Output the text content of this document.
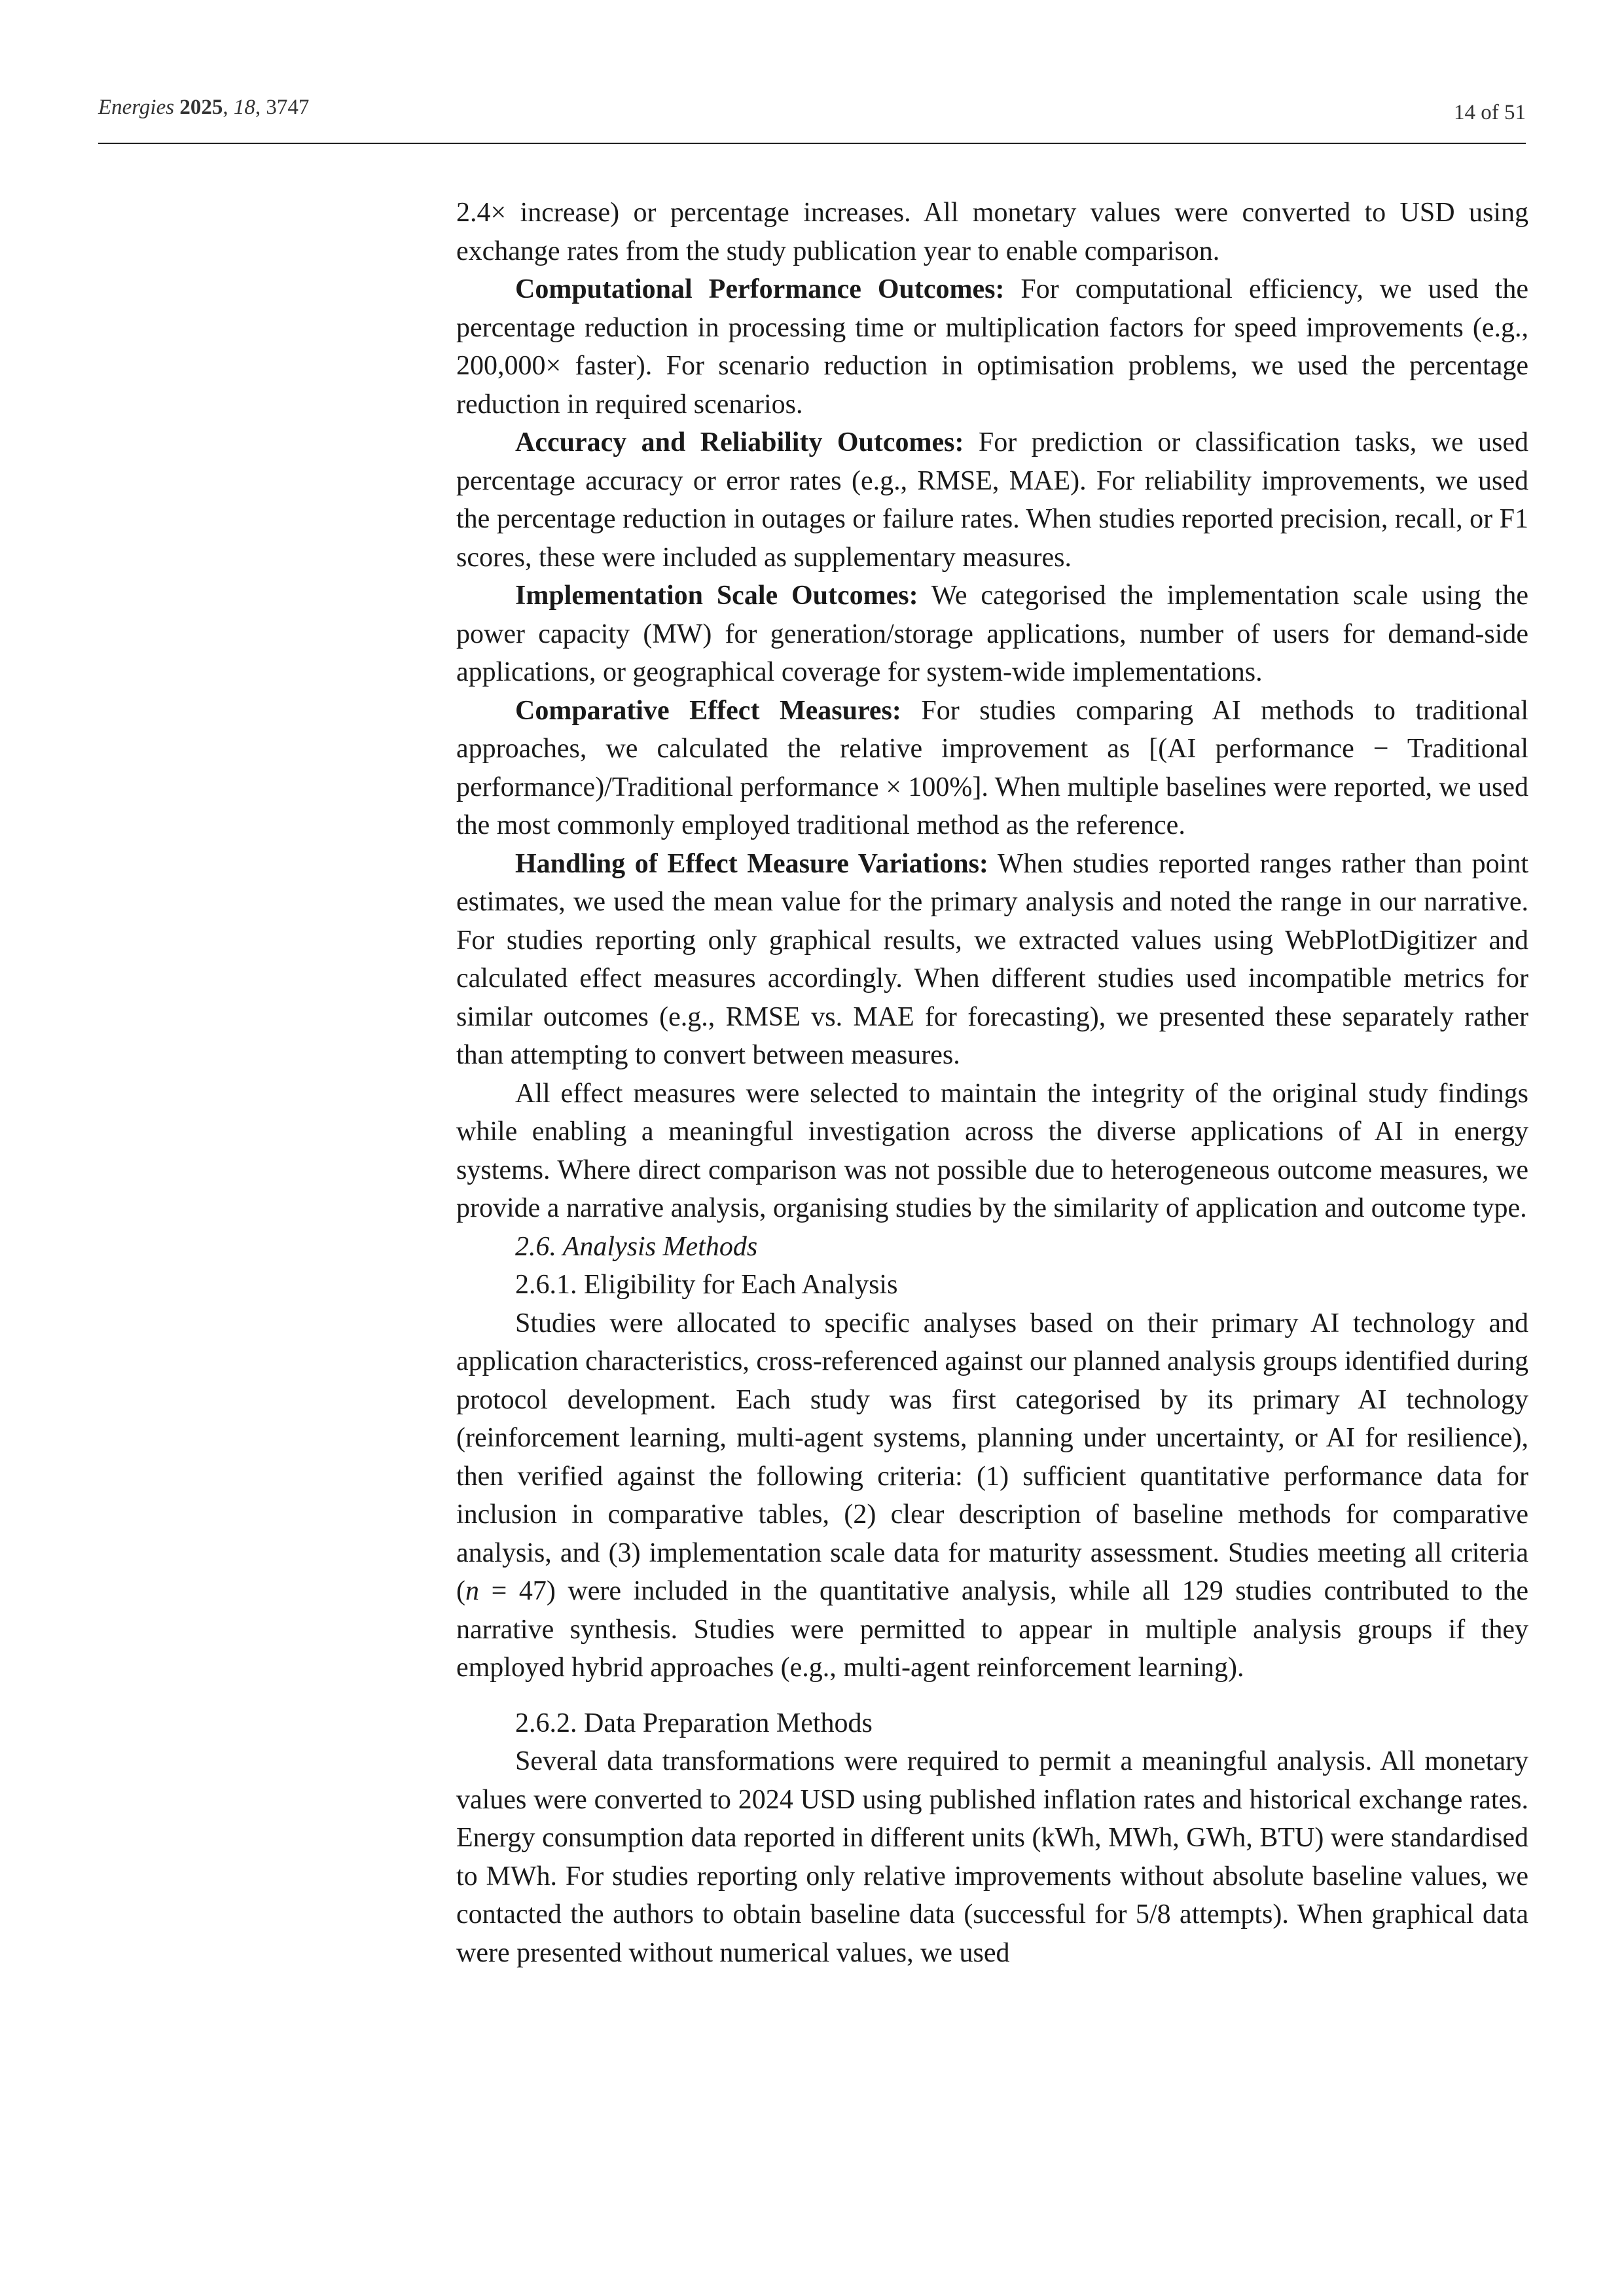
Energies 2025, 18, 3747	14 of 51

2.4× increase) or percentage increases. All monetary values were converted to USD using exchange rates from the study publication year to enable comparison.

Computational Performance Outcomes: For computational efficiency, we used the percentage reduction in processing time or multiplication factors for speed improvements (e.g., 200,000× faster). For scenario reduction in optimisation problems, we used the percentage reduction in required scenarios.

Accuracy and Reliability Outcomes: For prediction or classification tasks, we used percentage accuracy or error rates (e.g., RMSE, MAE). For reliability improvements, we used the percentage reduction in outages or failure rates. When studies reported precision, recall, or F1 scores, these were included as supplementary measures.

Implementation Scale Outcomes: We categorised the implementation scale using the power capacity (MW) for generation/storage applications, number of users for demand-side applications, or geographical coverage for system-wide implementations.

Comparative Effect Measures: For studies comparing AI methods to traditional approaches, we calculated the relative improvement as [(AI performance − Traditional performance)/Traditional performance × 100%]. When multiple baselines were reported, we used the most commonly employed traditional method as the reference.

Handling of Effect Measure Variations: When studies reported ranges rather than point estimates, we used the mean value for the primary analysis and noted the range in our narrative. For studies reporting only graphical results, we extracted values using WebPlotDigitizer and calculated effect measures accordingly. When different studies used incompatible metrics for similar outcomes (e.g., RMSE vs. MAE for forecasting), we presented these separately rather than attempting to convert between measures.

All effect measures were selected to maintain the integrity of the original study findings while enabling a meaningful investigation across the diverse applications of AI in energy systems. Where direct comparison was not possible due to heterogeneous outcome measures, we provide a narrative analysis, organising studies by the similarity of application and outcome type.

2.6. Analysis Methods

2.6.1. Eligibility for Each Analysis

Studies were allocated to specific analyses based on their primary AI technology and application characteristics, cross-referenced against our planned analysis groups identified during protocol development. Each study was first categorised by its primary AI technology (reinforcement learning, multi-agent systems, planning under uncertainty, or AI for resilience), then verified against the following criteria: (1) sufficient quantitative performance data for inclusion in comparative tables, (2) clear description of baseline methods for comparative analysis, and (3) implementation scale data for maturity assessment. Studies meeting all criteria (n = 47) were included in the quantitative analysis, while all 129 studies contributed to the narrative synthesis. Studies were permitted to appear in multiple analysis groups if they employed hybrid approaches (e.g., multi-agent reinforcement learning).

2.6.2. Data Preparation Methods

Several data transformations were required to permit a meaningful analysis. All monetary values were converted to 2024 USD using published inflation rates and historical exchange rates. Energy consumption data reported in different units (kWh, MWh, GWh, BTU) were standardised to MWh. For studies reporting only relative improvements without absolute baseline values, we contacted the authors to obtain baseline data (successful for 5/8 attempts). When graphical data were presented without numerical values, we used
